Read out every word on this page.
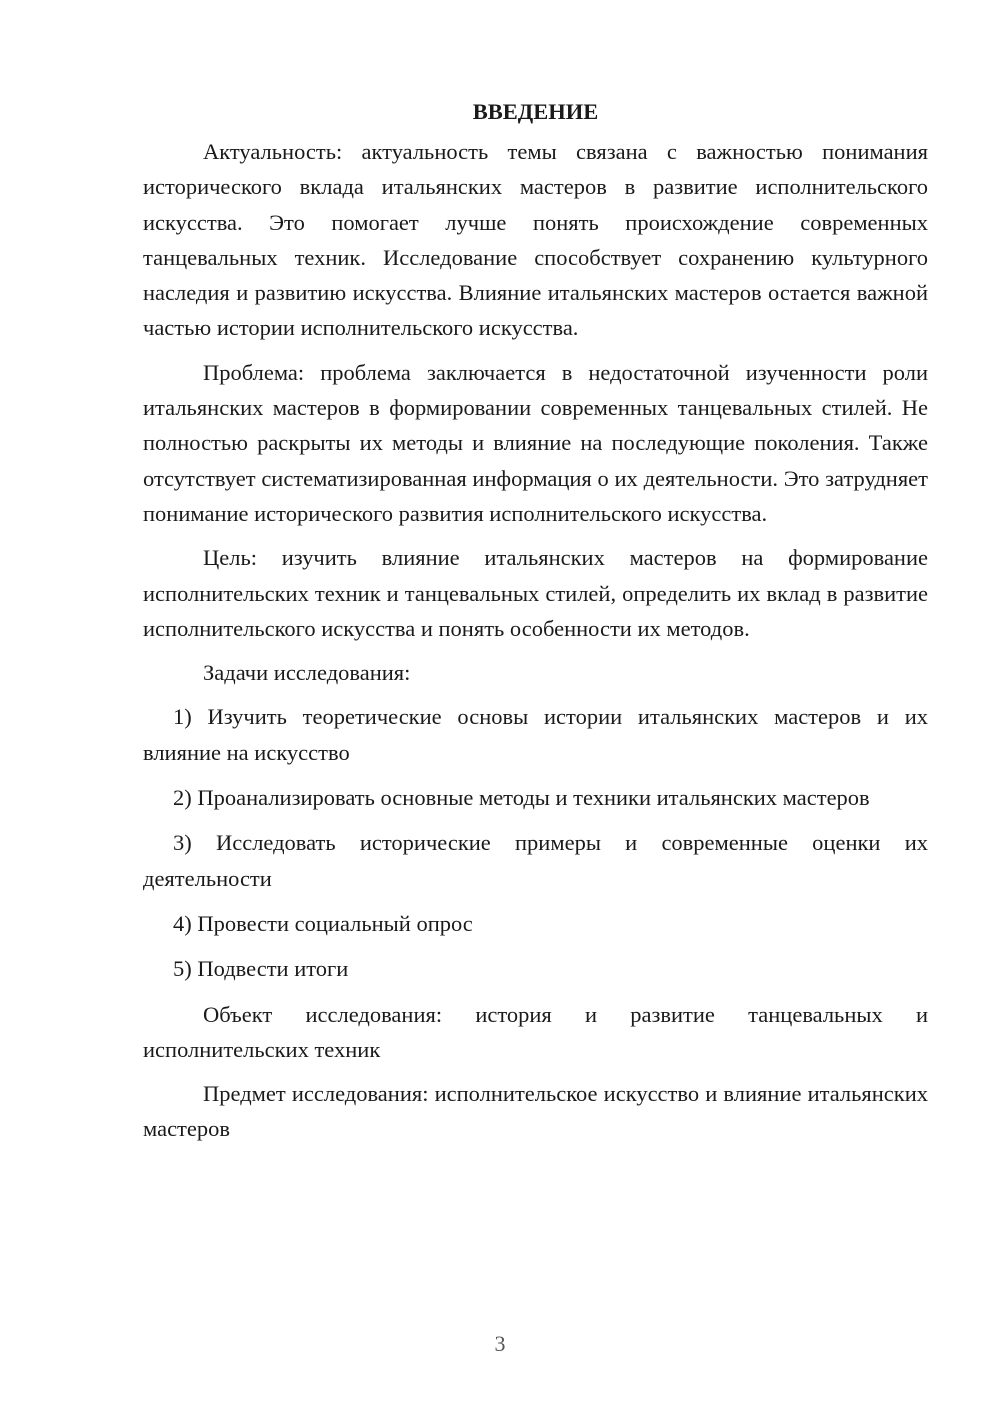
ВВЕДЕНИЕ

Актуальность: актуальность темы связана с важностью понимания исторического вклада итальянских мастеров в развитие исполнительского искусства. Это помогает лучше понять происхождение современных танцевальных техник. Исследование способствует сохранению культурного наследия и развитию искусства. Влияние итальянских мастеров остается важной частью истории исполнительского искусства.

Проблема: проблема заключается в недостаточной изученности роли итальянских мастеров в формировании современных танцевальных стилей. Не полностью раскрыты их методы и влияние на последующие поколения. Также отсутствует систематизированная информация о их деятельности. Это затрудняет понимание исторического развития исполнительского искусства.

Цель: изучить влияние итальянских мастеров на формирование исполнительских техник и танцевальных стилей, определить их вклад в развитие исполнительского искусства и понять особенности их методов.

Задачи исследования:

1) Изучить теоретические основы истории итальянских мастеров и их влияние на искусство

2) Проанализировать основные методы и техники итальянских мастеров

3) Исследовать исторические примеры и современные оценки их деятельности

4) Провести социальный опрос

5) Подвести итоги

Объект исследования: история и развитие танцевальных и исполнительских техник

Предмет исследования: исполнительское искусство и влияние итальянских мастеров

3
